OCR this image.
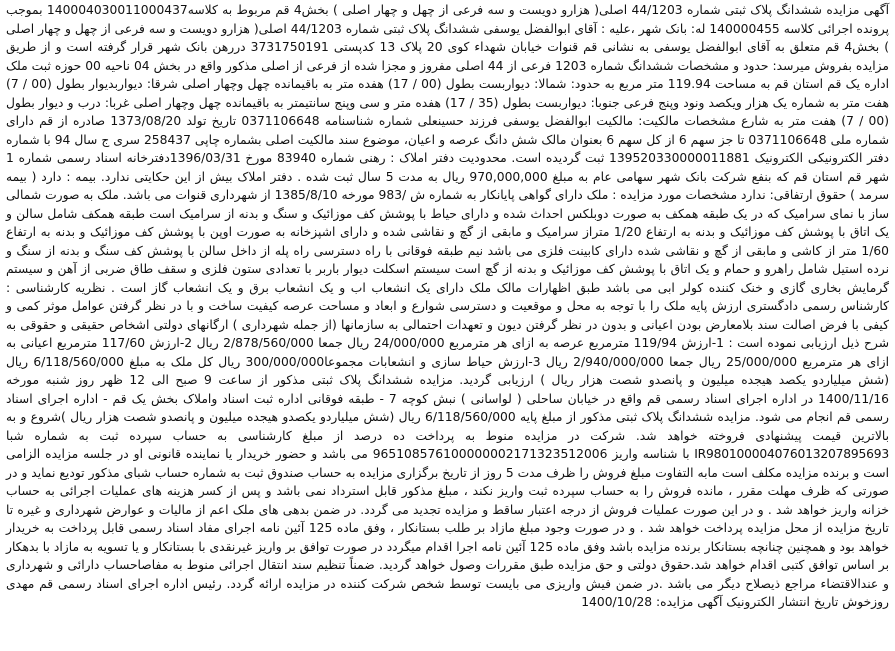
آگهی مزایده ششدانگ پلاک ثبتی شماره 44/1203 اصلی( هزارو دویست و سه فرعی از چهل و چهار اصلی ) بخش4 قم مربوط به کلاسه140004030011000437 بموجب پرونده اجرائی کلاسه 140000455 له: بانک شهر ،علیه : آقای ابوالفضل یوسفی ششدانگ پلاک ثبتی شماره 44/1203 اصلی( هزارو دویست و سه فرعی از چهل و چهار اصلی ) بخش4 قم متعلق به آقای ابوالفضل یوسفی به نشانی قم قنوات خیابان شهداء کوی 20 پلاک 13 کدپستی 3731750191 دررهن بانک شهر قرار گرفته است و از طریق مزایده بفروش میرسد: حدود و مشخصات ششدانگ شماره 1203 فرعی از 44 اصلی مفروز و مجزا شده از فرعی از اصلی مذکور واقع در بخش 04 ناحیه 00 حوزه ثبت ملک اداره یک قم استان قم به مساحت 119.94 متر مربع به حدود: شمالا: دیواربست بطول (00 / 17) هفده متر به باقیمانده چهل وچهار اصلی شرقا: دیواربدیوار بطول (00 / 7) هفت متر به شماره یک هزار ویکصد ونود وپنج فرعی جنوبا: دیواربست بطول (35 / 17) هفده متر و سی وپنج سانتیمتر به باقیمانده چهل وچهار اصلی غربا: درب و دیوار بطول (00 / 7) هفت متر به شارع مشخصات مالکیت: مالکیت ابوالفضل یوسفی فرزند حسینعلی شماره شناسنامه 0371106648 تاریخ تولد 1373/08/20 صادره از قم دارای شماره ملی 0371106648 تا جز سهم 6 از کل سهم 6 بعنوان مالک شش دانگ عرصه و اعیان، موضوع سند مالکیت اصلی بشماره چاپی 258437 سری ج سال 94 با شماره دفتر الکترونیکی الکترونیک 139520330000011881 ثبت گردیده است. محدودیت دفتر املاک : رهنی شماره 83940 مورخ 1396/03/31دفترخانه اسناد رسمی شماره 1 شهر قم استان قم که بنفع شرکت بانک شهر سهامی عام به مبلغ 970,000,000 ریال به مدت 5 سال ثبت شده . دفتر املاک بیش از این حکایتی ندارد. بیمه : دارد ( بیمه سرمد ) حقوق ارتفاقی: ندارد مشخصات مورد مزایده : ملک دارای گواهی پایانکار به شماره ش /983 مورخه 1385/8/10 از شهرداری قنوات می باشد. ملک به صورت شمالی ساز با نمای سرامیک که در یک طبقه همکف به صورت دوبلکس احداث شده و دارای حیاط با پوشش کف موزائیک و سنگ و بدنه از سرامیک است طبقه همکف شامل سالن و یک اتاق با پوشش کف موزائیک و بدنه به ارتفاع 1/20 متراز سرامیک و مابقی از گچ و نقاشی شده و دارای اشپزخانه به صورت اوپن با پوشش کف موزائیک و بدنه به ارتفاع 1/60 متر از کاشی و مابقی از گچ و نقاشی شده دارای کابینت فلزی می باشد نیم طبقه فوقانی با راه دسترسی راه پله از داخل سالن با پوشش کف سنگ و بدنه از سنگ و نرده استیل شامل راهرو و حمام و یک اتاق با پوشش کف موزائیک و بدنه از گچ است سیستم اسکلت دیوار باربر با تعدادی ستون فلزی و سقف طاق ضربی از آهن و سیستم گرمایش بخاری گازی و خنک کننده کولر ابی می باشد طبق اظهارات مالک ملک دارای یک انشعاب اب و یک انشعاب برق و یک انشعاب گاز است . نظریه کارشناسی : کارشناس رسمی دادگستری ارزش پایه ملک را با توجه به محل و موقعیت و دسترسی شوارع و ابعاد و مساحت عرصه کیفیت ساخت و با در نظر گرفتن عوامل موثر کمی و کیفی با فرض اصالت سند بلامعارض بودن اعیانی و بدون در نظر گرفتن دیون و تعهدات احتمالی به سازمانها (از جمله شهرداری ) ارگانهای دولتی اشخاص حقیقی و حقوقی به شرح ذیل ارزیابی نموده است : 1-ارزش 119/94 مترمربع عرصه به ازای هر مترمربع 24/000/000 ریال جمعا 2/878/560/000 ریال 2-ارزش 117/60 مترمربع اعیانی به ازای هر مترمربع 25/000/000 ریال جمعا 2/940/000/000 ریال 3-ارزش حیاط سازی و انشعابات مجموعا300/000/000 ریال کل ملک به مبلغ 6/118/560/000 ریال (شش میلیاردو یکصد هیجده میلیون و پانصدو شصت هزار ریال ) ارزیابی گردید. مزایده ششدانگ پلاک ثبتی مذکور از ساعت 9 صبح الی 12 ظهر روز شنبه مورخه 1400/11/16 در اداره اجرای اسناد رسمی قم واقع در خیابان ساحلی ( لواسانی ) نبش کوچه 7 - طبقه فوقانی اداره ثبت اسناد واملاک بخش یک قم - اداره اجرای اسناد رسمی قم انجام می شود. مزایده ششدانگ پلاک ثبتی مذکور از مبلغ پایه 6/118/560/000 ریال (شش میلیاردو یکصدو هیجده میلیون و پانصدو شصت هزار ریال )شروع و به بالاترین قیمت پیشنهادی فروخته خواهد شد. شرکت در مزایده منوط به پرداخت ده درصد از مبلغ کارشناسی به حساب سپرده ثبت به شماره شبا IR980100004076013207895693 با شناسه واریز 965108576100000002171323512006 می باشد و حضور خریدار یا نماینده قانونی او در جلسه مزایده الزامی است و برنده مزایده مکلف است مابه التفاوت مبلغ فروش را ظرف مدت 5 روز از تاریخ برگزاری مزایده به حساب صندوق ثبت به شماره حساب شبای مذکور تودیع نماید و در صورتی که ظرف مهلت مقرر ، مانده فروش را به حساب سپرده ثبت واریز نکند ، مبلغ مذکور قابل استرداد نمی باشد و پس از کسر هزینه های عملیات اجرائی به حساب خزانه واریز خواهد شد . و در این صورت عملیات فروش از درجه اعتبار ساقط و مزایده تجدید می گردد. در ضمن بدهی های ملک اعم از مالیات و عوارض شهرداری و غیره تا تاریخ مزایده از محل مزایده پرداخت خواهد شد . و در صورت وجود مبلغ مازاد بر طلب بستانکار ، وفق ماده 125 آئین نامه اجرای مفاد اسناد رسمی قابل پرداخت به خریدار خواهد بود و همچنین چنانچه بستانکار برنده مزایده باشد وفق ماده 125 آئین نامه اجرا اقدام میگردد در صورت توافق بر واریز غیرنقدی با بستانکار و یا تسویه به مازاد با بدهکار بر اساس توافق کتبی اقدام خواهد شد.حقوق دولتی و حق مزایده طبق مقررات وصول خواهد گردید. ضمناً تنظیم سند انتقال اجرائی منوط به مفاصاحساب دارائی و شهرداری و عندالاقتضاء مراجع ذیصلاح دیگر می باشد .در ضمن فیش واریزی می بایست توسط شخص شرکت کننده در مزایده ارائه گردد. رئیس اداره اجرای اسناد رسمی قم مهدی روزخوش تاریخ انتشار الکترونیک آگهی مزایده: 1400/10/28
